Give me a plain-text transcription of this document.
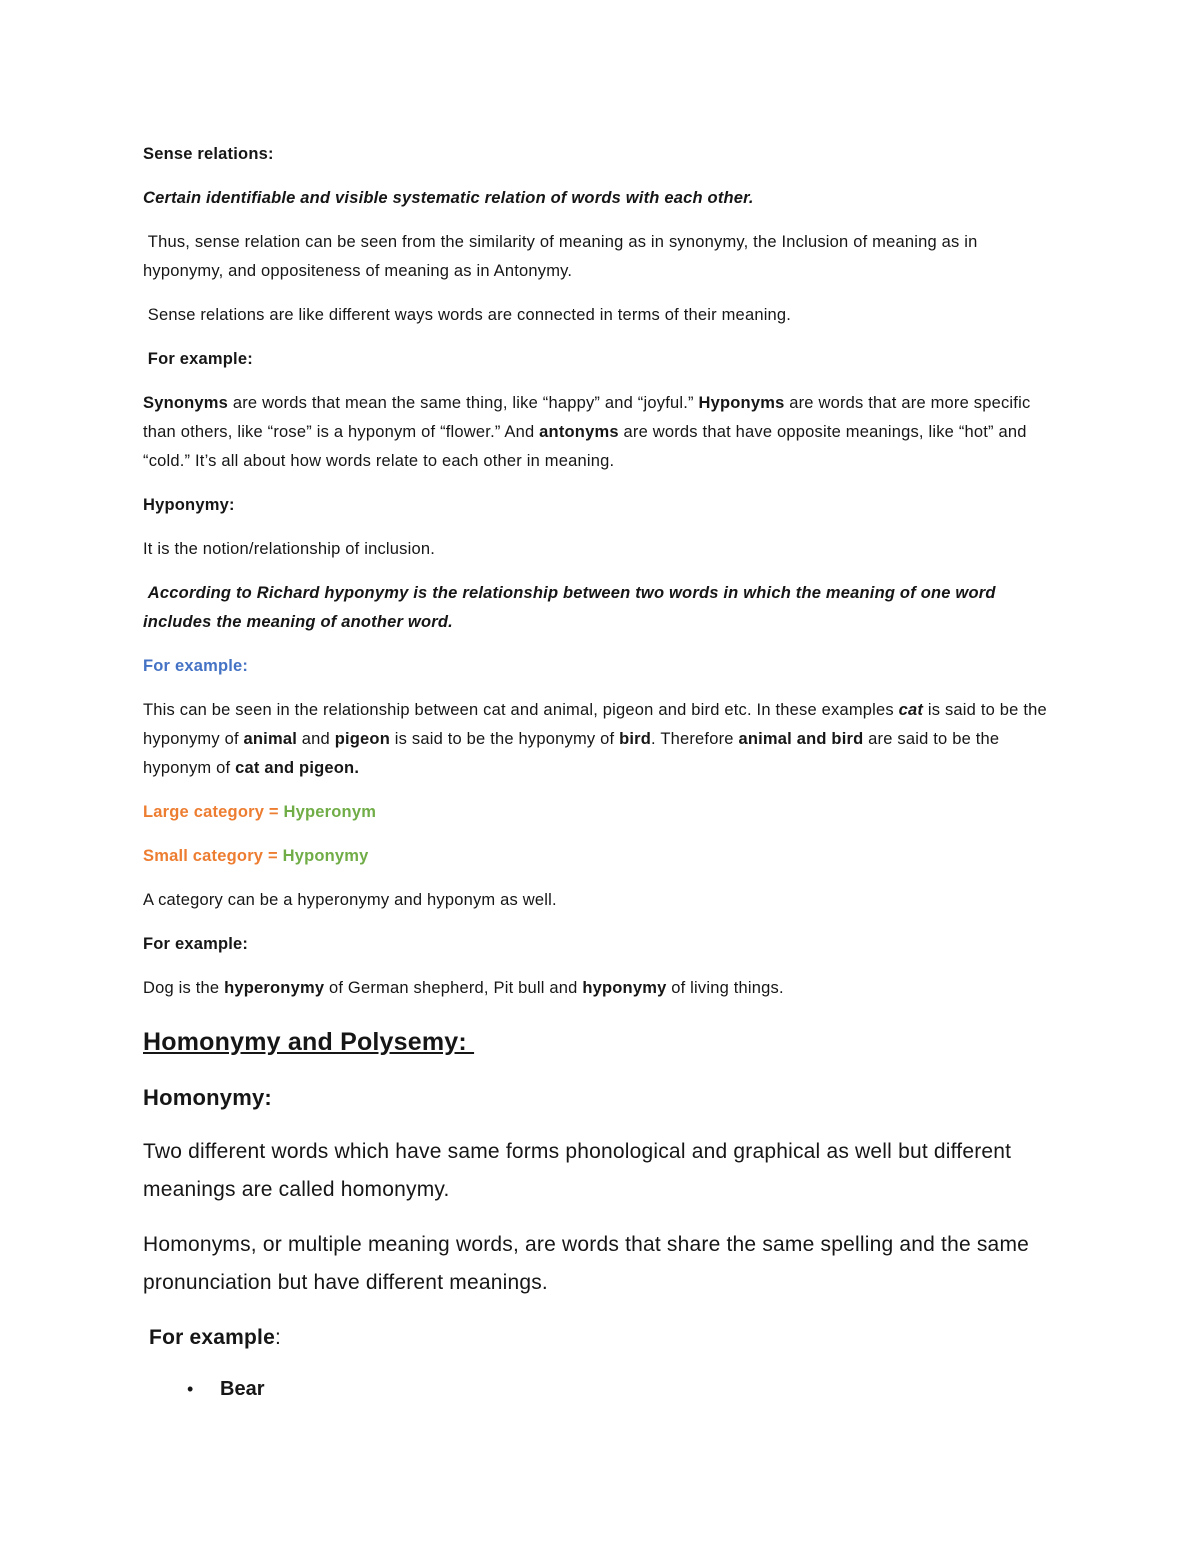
Sense relations:
Certain identifiable and visible systematic relation of words with each other.
Thus, sense relation can be seen from the similarity of meaning as in synonymy, the Inclusion of meaning as in hyponymy, and oppositeness of meaning as in Antonymy.
Sense relations are like different ways words are connected in terms of their meaning.
For example:
Synonyms are words that mean the same thing, like “happy” and “joyful.” Hyponyms are words that are more specific than others, like “rose” is a hyponym of “flower.” And antonyms are words that have opposite meanings, like “hot” and “cold.” It’s all about how words relate to each other in meaning.
Hyponymy:
It is the notion/relationship of inclusion.
According to Richard hyponymy is the relationship between two words in which the meaning of one word includes the meaning of another word.
For example:
This can be seen in the relationship between cat and animal, pigeon and bird etc. In these examples cat is said to be the hyponymy of animal and pigeon is said to be the hyponymy of bird. Therefore animal and bird are said to be the hyponym of cat and pigeon.
Large category = Hyperonym
Small category = Hyponymy
A category can be a hyperonymy and hyponym as well.
For example:
Dog is the hyperonymy of German shepherd, Pit bull and hyponymy of living things.
Homonymy and Polysemy:
Homonymy:
Two different words which have same forms phonological and graphical as well but different meanings are called homonymy.
Homonyms, or multiple meaning words, are words that share the same spelling and the same pronunciation but have different meanings.
For example:
•	Bear
